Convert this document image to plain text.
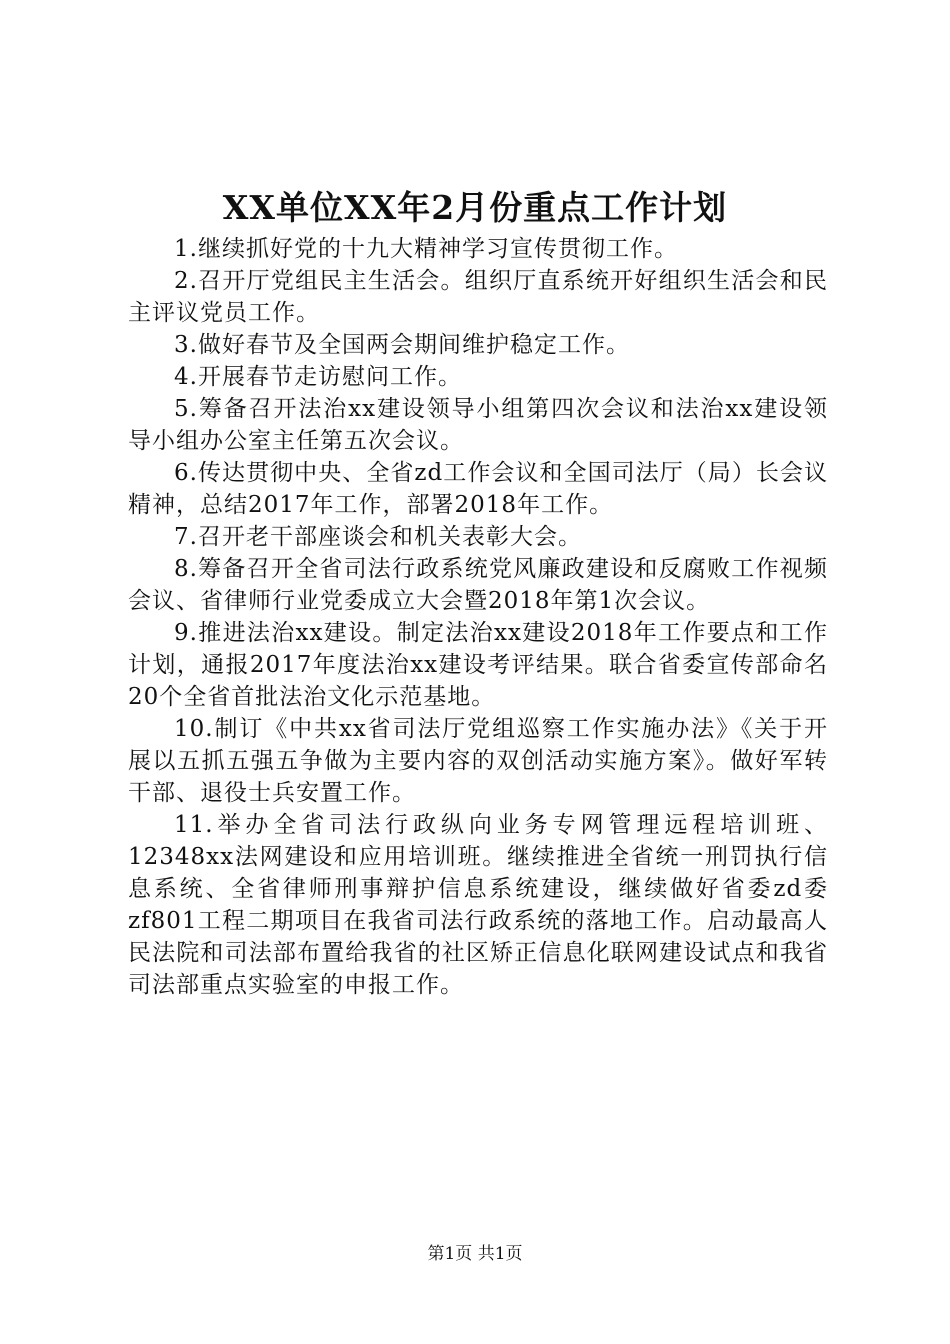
XX单位XX年2月份重点工作计划

1.继续抓好党的十九大精神学习宣传贯彻工作。

2.召开厅党组民主生活会。组织厅直系统开好组织生活会和民主评议党员工作。

3.做好春节及全国两会期间维护稳定工作。

4.开展春节走访慰问工作。

5.筹备召开法治xx建设领导小组第四次会议和法治xx建设领导小组办公室主任第五次会议。

6.传达贯彻中央、全省zd工作会议和全国司法厅（局）长会议精神，总结2017年工作，部署2018年工作。

7.召开老干部座谈会和机关表彰大会。

8.筹备召开全省司法行政系统党风廉政建设和反腐败工作视频会议、省律师行业党委成立大会暨2018年第1次会议。

9.推进法治xx建设。制定法治xx建设2018年工作要点和工作计划，通报2017年度法治xx建设考评结果。联合省委宣传部命名20个全省首批法治文化示范基地。

10.制订《中共xx省司法厅党组巡察工作实施办法》《关于开展以五抓五强五争做为主要内容的双创活动实施方案》。做好军转干部、退役士兵安置工作。

11.举办全省司法行政纵向业务专网管理远程培训班、12348xx法网建设和应用培训班。继续推进全省统一刑罚执行信息系统、全省律师刑事辩护信息系统建设，继续做好省委zd委zf801工程二期项目在我省司法行政系统的落地工作。启动最高人民法院和司法部布置给我省的社区矫正信息化联网建设试点和我省司法部重点实验室的申报工作。

第1页 共1页
